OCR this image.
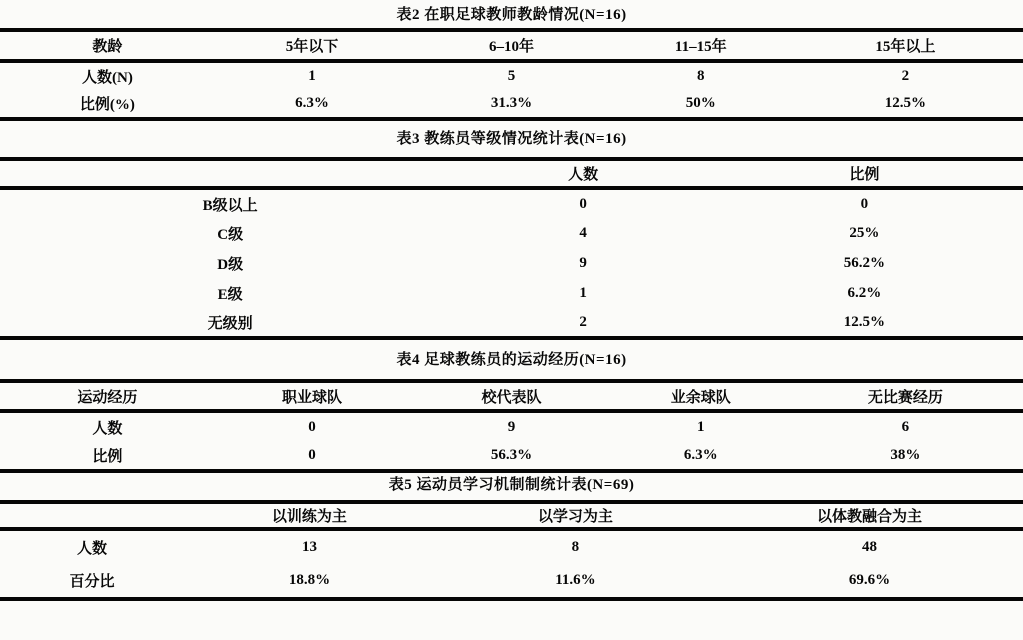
表2 在职足球教师教龄情况(N=16)
教龄	5年以下	6–10年	11–15年	15年以上
人数(N)	1	5	8	2
比例(%)	6.3%	31.3%	50%	12.5%
表3 教练员等级情况统计表(N=16)
	人数	比例
B级以上	0	0
C级	4	25%
D级	9	56.2%
E级	1	6.2%
无级别	2	12.5%
表4 足球教练员的运动经历(N=16)
运动经历	职业球队	校代表队	业余球队	无比赛经历
人数	0	9	1	6
比例	0	56.3%	6.3%	38%
表5 运动员学习机制制统计表(N=69)
	以训练为主	以学习为主	以体教融合为主
人数	13	8	48
百分比	18.8%	11.6%	69.6%
